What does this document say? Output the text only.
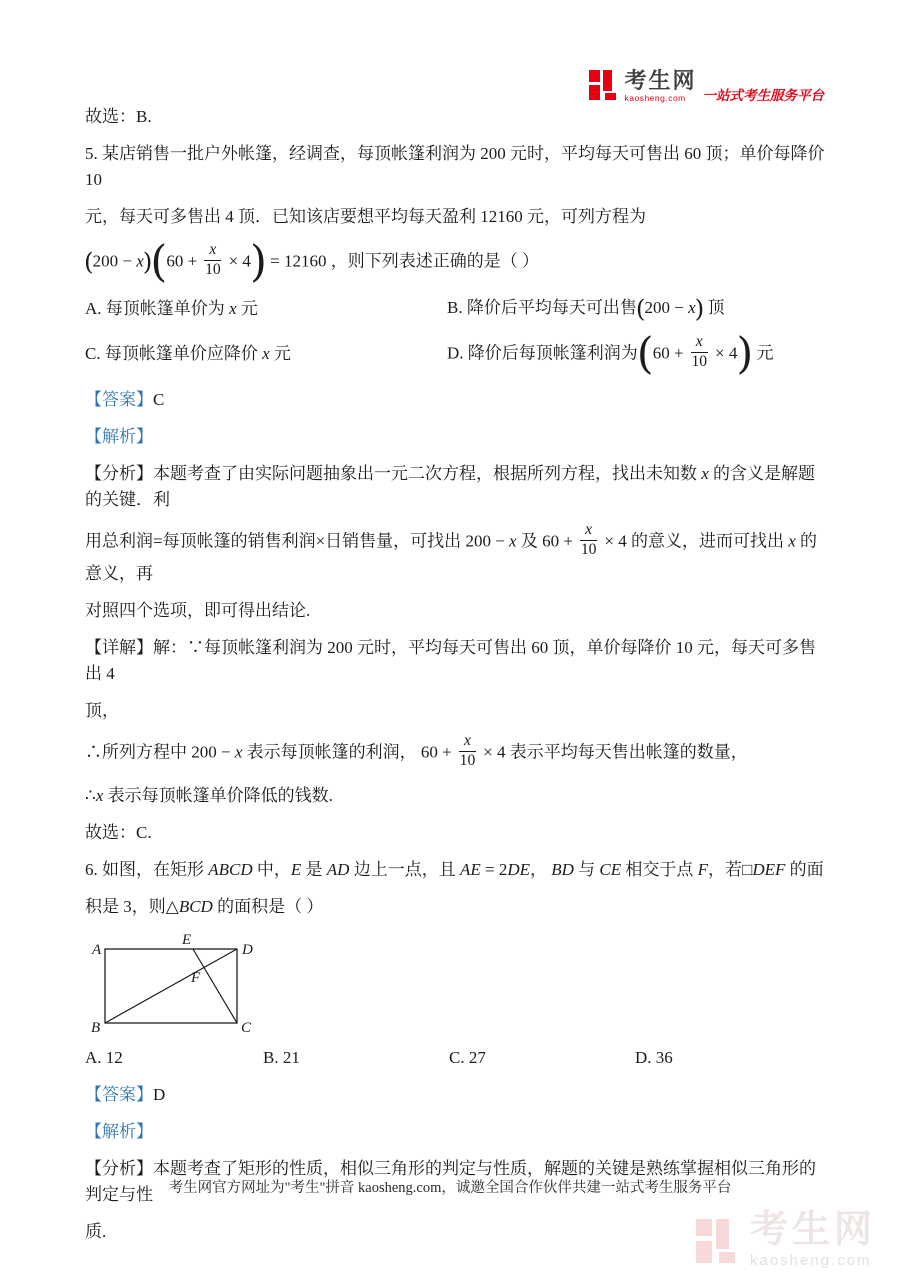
考生网
kaosheng.com	一站式考生服务平台
故选：B.
5. 某店销售一批户外帐篷，经调查，每顶帐篷利润为 200 元时，平均每天可售出 60 顶；单价每降价 10
元，每天可多售出 4 顶．已知该店要想平均每天盈利 12160 元，可列方程为
$(200 - x)(60 + \frac{x}{10} \times 4) = 12160$ ，则下列表述正确的是（ ）
A. 每顶帐篷单价为 x 元	B. 降价后平均每天可出售(200 − x) 顶
C. 每顶帐篷单价应降价 x 元	D. 降价后每顶帐篷利润为$(60 + \frac{x}{10} \times 4)$ 元
【答案】C
【解析】
【分析】本题考查了由实际问题抽象出一元二次方程，根据所列方程，找出未知数 x 的含义是解题的关键．利
用总利润=每顶帐篷的销售利润×日销售量，可找出 200 − x 及 $60 + \frac{x}{10} \times 4$ 的意义，进而可找出 x 的意义，再
对照四个选项，即可得出结论.
【详解】解：∵每顶帐篷利润为 200 元时，平均每天可售出 60 顶，单价每降价 10 元，每天可多售出 4
顶，
∴所列方程中 200 − x 表示每顶帐篷的利润， $60 + \frac{x}{10} \times 4$ 表示平均每天售出帐篷的数量，
∴x 表示每顶帐篷单价降低的钱数.
故选：C.
6. 如图，在矩形 ABCD 中，E 是 AD 边上一点，且 AE = 2DE， BD 与 CE 相交于点 F，若□DEF 的面
积是 3，则△BCD 的面积是（ ）
A	D
B	C
E
F
A. 12	B. 21	C. 27	D. 36
【答案】D
【解析】
【分析】本题考查了矩形的性质，相似三角形的判定与性质，解题的关键是熟练掌握相似三角形的判定与性
质.
考生网官方网址为"考生"拼音 kaosheng.com，诚邀全国合作伙伴共建一站式考生服务平台
考生网
kaosheng.com
